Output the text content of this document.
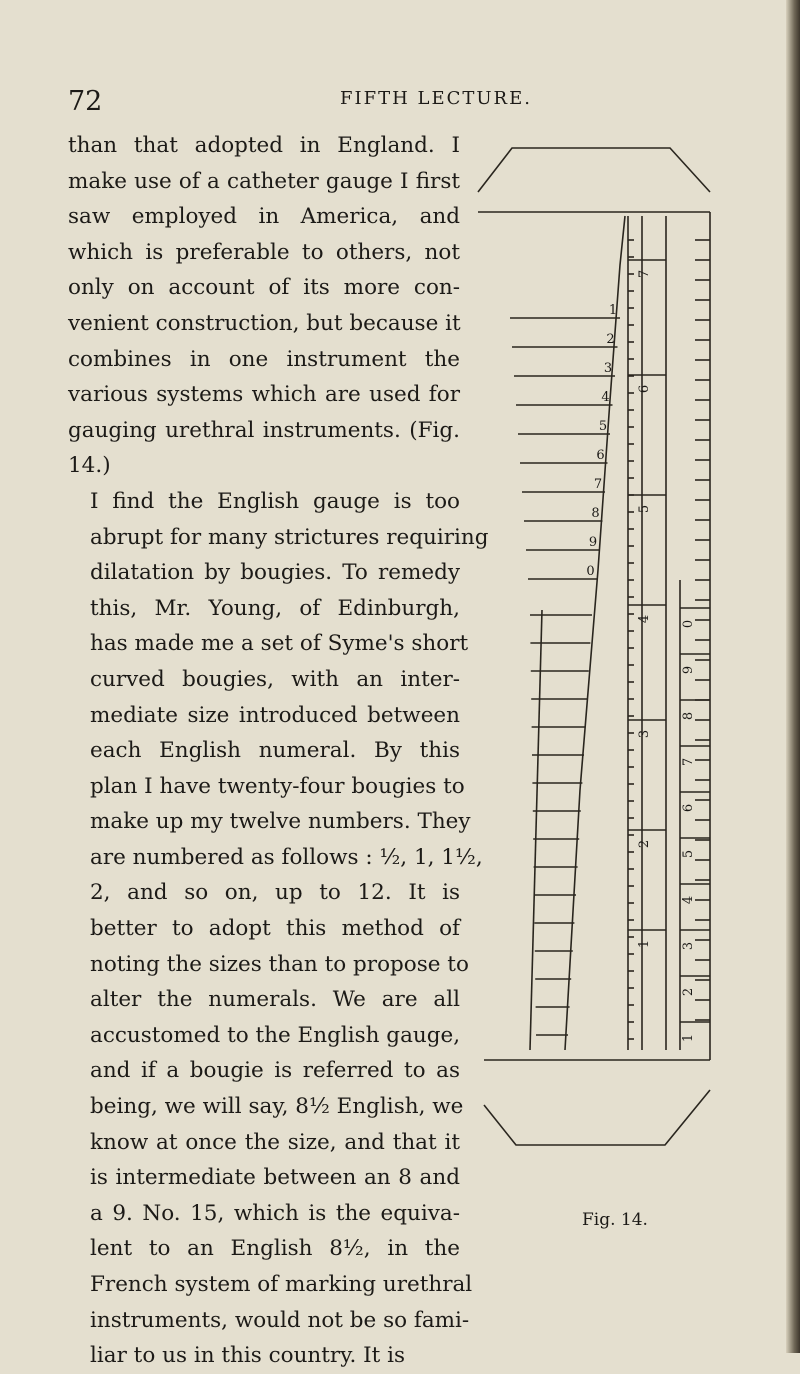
72	FIFTH LECTURE.

than that adopted in England. I
make use of a catheter gauge I first
saw employed in America, and
which is preferable to others, not
only on account of its more con-
venient construction, but because it
combines in one instrument the
various systems which are used for
gauging urethral instruments. (Fig.
14.)

I find the English gauge is too
abrupt for many strictures requiring
dilatation by bougies. To remedy
this, Mr. Young, of Edinburgh,
has made me a set of Syme's short
curved bougies, with an inter-
mediate size introduced between
each English numeral. By this
plan I have twenty-four bougies to
make up my twelve numbers. They
are numbered as follows : ½, 1, 1½,
2, and so on, up to 12. It is
better to adopt this method of
noting the sizes than to propose to
alter the numerals. We are all
accustomed to the English gauge,
and if a bougie is referred to as
being, we will say, 8½ English, we
know at once the size, and that it
is intermediate between an 8 and
a 9. No. 15, which is the equiva-
lent to an English 8½, in the
French system of marking urethral
instruments, would not be so fami-
liar to us in this country. It is

1
2
3
4
5
6
7
8
9
0
7
6
5
4
3
2
1
0
9
8
7
6
5
4
3
2
1
Fig. 14.
